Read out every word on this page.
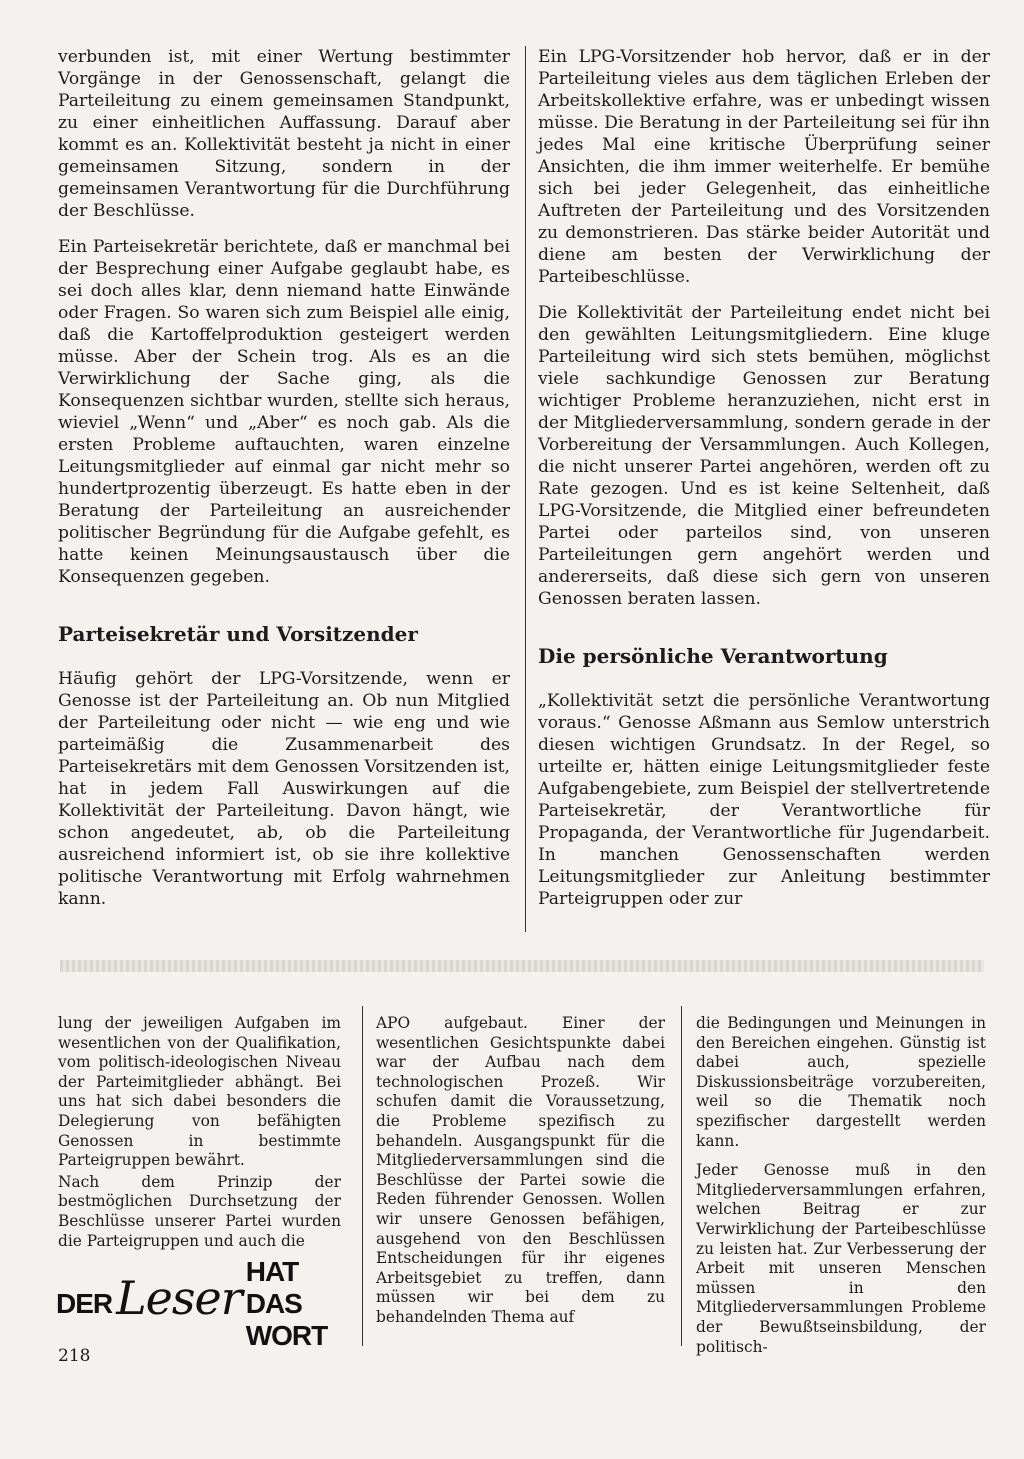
verbunden ist, mit einer Wertung bestimmter Vorgänge in der Genossenschaft, gelangt die Parteileitung zu einem gemeinsamen Standpunkt, zu einer einheitlichen Auffassung. Darauf aber kommt es an. Kollektivität besteht ja nicht in einer gemeinsamen Sitzung, sondern in der gemeinsamen Verantwortung für die Durchführung der Beschlüsse.

Ein Parteisekretär berichtete, daß er manchmal bei der Besprechung einer Aufgabe geglaubt habe, es sei doch alles klar, denn niemand hatte Einwände oder Fragen. So waren sich zum Beispiel alle einig, daß die Kartoffelproduktion gesteigert werden müsse. Aber der Schein trog. Als es an die Verwirklichung der Sache ging, als die Konsequenzen sichtbar wurden, stellte sich heraus, wieviel „Wenn“ und „Aber“ es noch gab. Als die ersten Probleme auftauchten, waren einzelne Leitungsmitglieder auf einmal gar nicht mehr so hundertprozentig überzeugt. Es hatte eben in der Beratung der Parteileitung an ausreichender politischer Begründung für die Aufgabe gefehlt, es hatte keinen Meinungsaustausch über die Konsequenzen gegeben.

Parteisekretär und Vorsitzender

Häufig gehört der LPG-Vorsitzende, wenn er Genosse ist der Parteileitung an. Ob nun Mitglied der Parteileitung oder nicht — wie eng und wie parteimäßig die Zusammenarbeit des Parteisekretärs mit dem Genossen Vorsitzenden ist, hat in jedem Fall Auswirkungen auf die Kollektivität der Parteileitung. Davon hängt, wie schon angedeutet, ab, ob die Parteileitung ausreichend informiert ist, ob sie ihre kollektive politische Verantwortung mit Erfolg wahrnehmen kann.

Ein LPG-Vorsitzender hob hervor, daß er in der Parteileitung vieles aus dem täglichen Erleben der Arbeitskollektive erfahre, was er unbedingt wissen müsse. Die Beratung in der Parteileitung sei für ihn jedes Mal eine kritische Überprüfung seiner Ansichten, die ihm immer weiterhelfe. Er bemühe sich bei jeder Gelegenheit, das einheitliche Auftreten der Parteileitung und des Vorsitzenden zu demonstrieren. Das stärke beider Autorität und diene am besten der Verwirklichung der Parteibeschlüsse.

Die Kollektivität der Parteileitung endet nicht bei den gewählten Leitungsmitgliedern. Eine kluge Parteileitung wird sich stets bemühen, möglichst viele sachkundige Genossen zur Beratung wichtiger Probleme heranzuziehen, nicht erst in der Mitgliederversammlung, sondern gerade in der Vorbereitung der Versammlungen. Auch Kollegen, die nicht unserer Partei angehören, werden oft zu Rate gezogen. Und es ist keine Seltenheit, daß LPG-Vorsitzende, die Mitglied einer befreundeten Partei oder parteilos sind, von unseren Parteileitungen gern angehört werden und andererseits, daß diese sich gern von unseren Genossen beraten lassen.

Die persönliche Verantwortung

„Kollektivität setzt die persönliche Verantwortung voraus.“ Genosse Aßmann aus Semlow unterstrich diesen wichtigen Grundsatz. In der Regel, so urteilte er, hätten einige Leitungsmitglieder feste Aufgabengebiete, zum Beispiel der stellvertretende Parteisekretär, der Verantwortliche für Propaganda, der Verantwortliche für Jugendarbeit. In manchen Genossenschaften werden Leitungsmitglieder zur Anleitung bestimmter Parteigruppen oder zur

lung der jeweiligen Aufgaben im wesentlichen von der Qualifikation, vom politisch-ideologischen Niveau der Parteimitglieder abhängt. Bei uns hat sich dabei besonders die Delegierung von befähigten Genossen in bestimmte Parteigruppen bewährt.

Nach dem Prinzip der bestmöglichen Durchsetzung der Beschlüsse unserer Partei wurden die Parteigruppen und auch die

APO aufgebaut. Einer der wesentlichen Gesichtspunkte dabei war der Aufbau nach dem technologischen Prozeß. Wir schufen damit die Voraussetzung, die Probleme spezifisch zu behandeln. Ausgangspunkt für die Mitgliederversammlungen sind die Beschlüsse der Partei sowie die Reden führender Genossen. Wollen wir unsere Genossen befähigen, ausgehend von den Beschlüssen Entscheidungen für ihr eigenes Arbeitsgebiet zu treffen, dann müssen wir bei dem zu behandelnden Thema auf

die Bedingungen und Meinungen in den Bereichen eingehen. Günstig ist dabei auch, spezielle Diskussionsbeiträge vorzubereiten, weil so die Thematik noch spezifischer dargestellt werden kann.

Jeder Genosse muß in den Mitgliederversammlungen erfahren, welchen Beitrag er zur Verwirklichung der Parteibeschlüsse zu leisten hat. Zur Verbesserung der Arbeit mit unseren Menschen müssen in den Mitgliederversammlungen Probleme der Bewußtseinsbildung, der politisch-

DER Leser HAT DAS WORT
218
